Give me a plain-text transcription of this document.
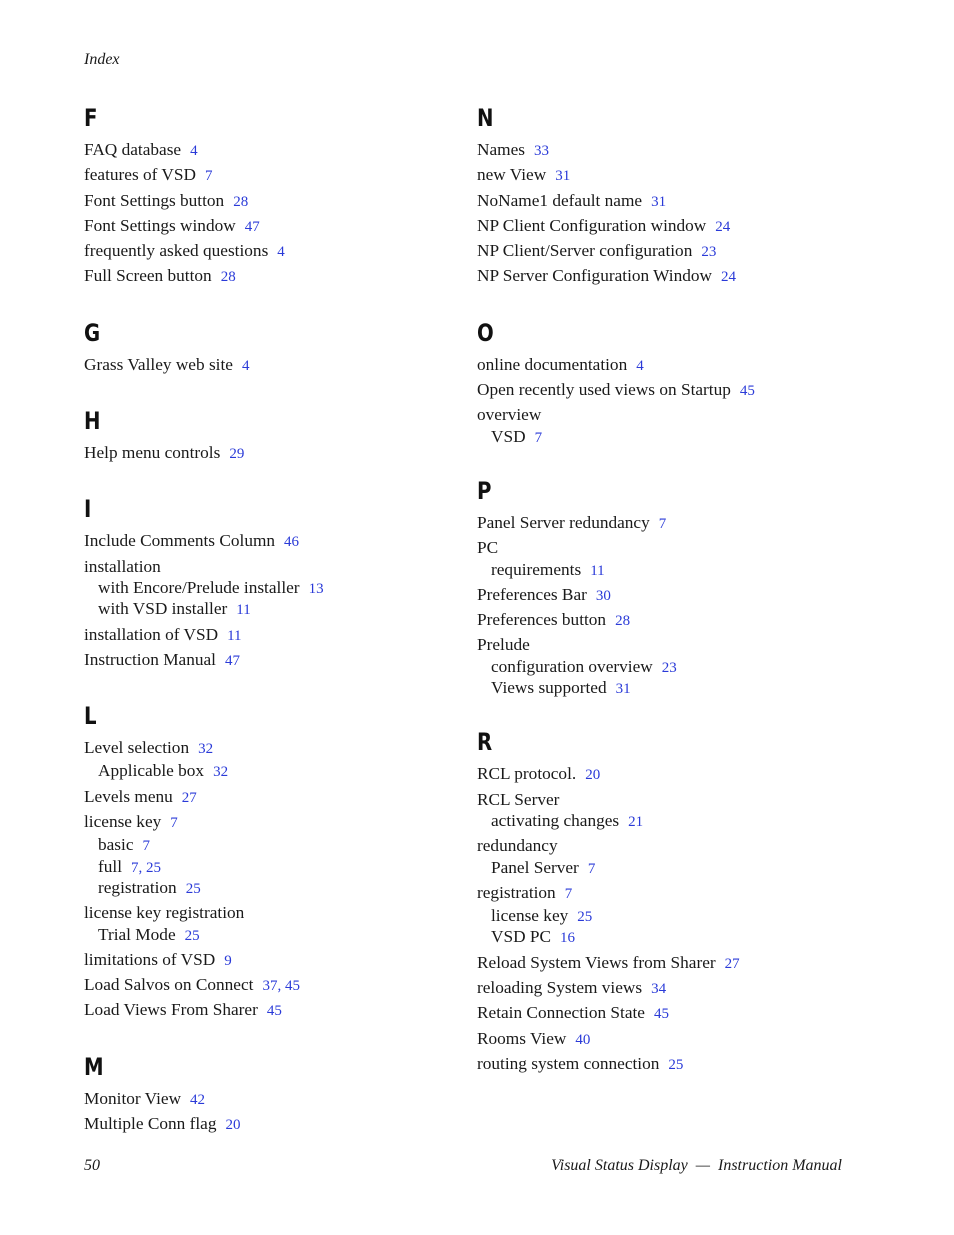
Index
F
FAQ database 4
features of VSD 7
Font Settings button 28
Font Settings window 47
frequently asked questions 4
Full Screen button 28
G
Grass Valley web site 4
H
Help menu controls 29
I
Include Comments Column 46
installation
with Encore/Prelude installer 13
with VSD installer 11
installation of VSD 11
Instruction Manual 47
L
Level selection 32
Applicable box 32
Levels menu 27
license key 7
basic 7
full 7, 25
registration 25
license key registration
Trial Mode 25
limitations of VSD 9
Load Salvos on Connect 37, 45
Load Views From Sharer 45
M
Monitor View 42
Multiple Conn flag 20
N
Names 33
new View 31
NoName1 default name 31
NP Client Configuration window 24
NP Client/Server configuration 23
NP Server Configuration Window 24
O
online documentation 4
Open recently used views on Startup 45
overview
VSD 7
P
Panel Server redundancy 7
PC
requirements 11
Preferences Bar 30
Preferences button 28
Prelude
configuration overview 23
Views supported 31
R
RCL protocol. 20
RCL Server
activating changes 21
redundancy
Panel Server 7
registration 7
license key 25
VSD PC 16
Reload System Views from Sharer 27
reloading System views 34
Retain Connection State 45
Rooms View 40
routing system connection 25
50	Visual Status Display — Instruction Manual
